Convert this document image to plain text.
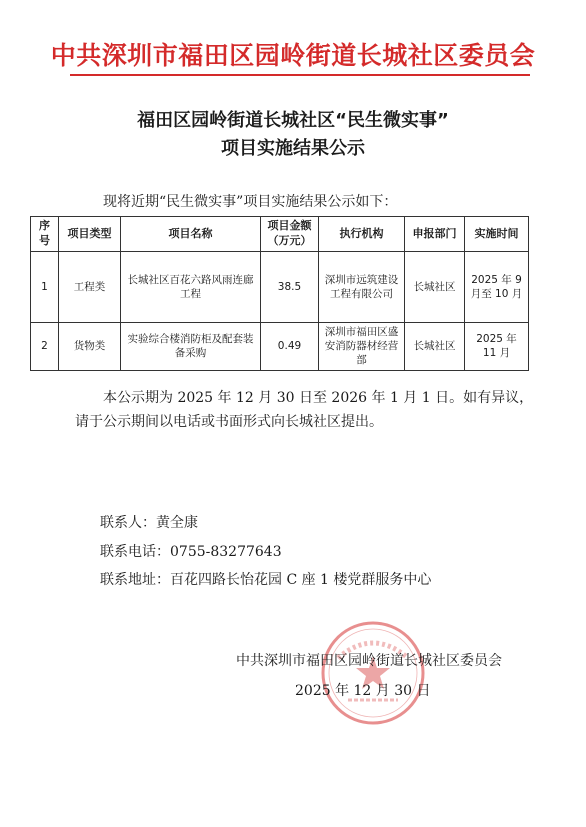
中共深圳市福田区园岭街道长城社区委员会
福田区园岭街道长城社区“民生微实事”
项目实施结果公示
现将近期“民生微实事”项目实施结果公示如下：
序号	项目类型	项目名称	项目金额（万元）	执行机构	申报部门	实施时间
1	工程类	长城社区百花六路风雨连廊工程	38.5	深圳市远筑建设工程有限公司	长城社区	2025 年 9 月至 10 月
2	货物类	实验综合楼消防柜及配套装备采购	0.49	深圳市福田区盛安消防器材经营部	长城社区	2025 年 11 月

本公示期为 2025 年 12 月 30 日至 2026 年 1 月 1 日。如有异议，

请于公示期间以电话或书面形式向长城社区提出。

联系人：黄全康
联系电话：0755-83277643
联系地址：百花四路长怡花园 C 座 1 楼党群服务中心
中共深圳市福田区园岭街道长城社区委员会
2025 年 12 月 30 日
